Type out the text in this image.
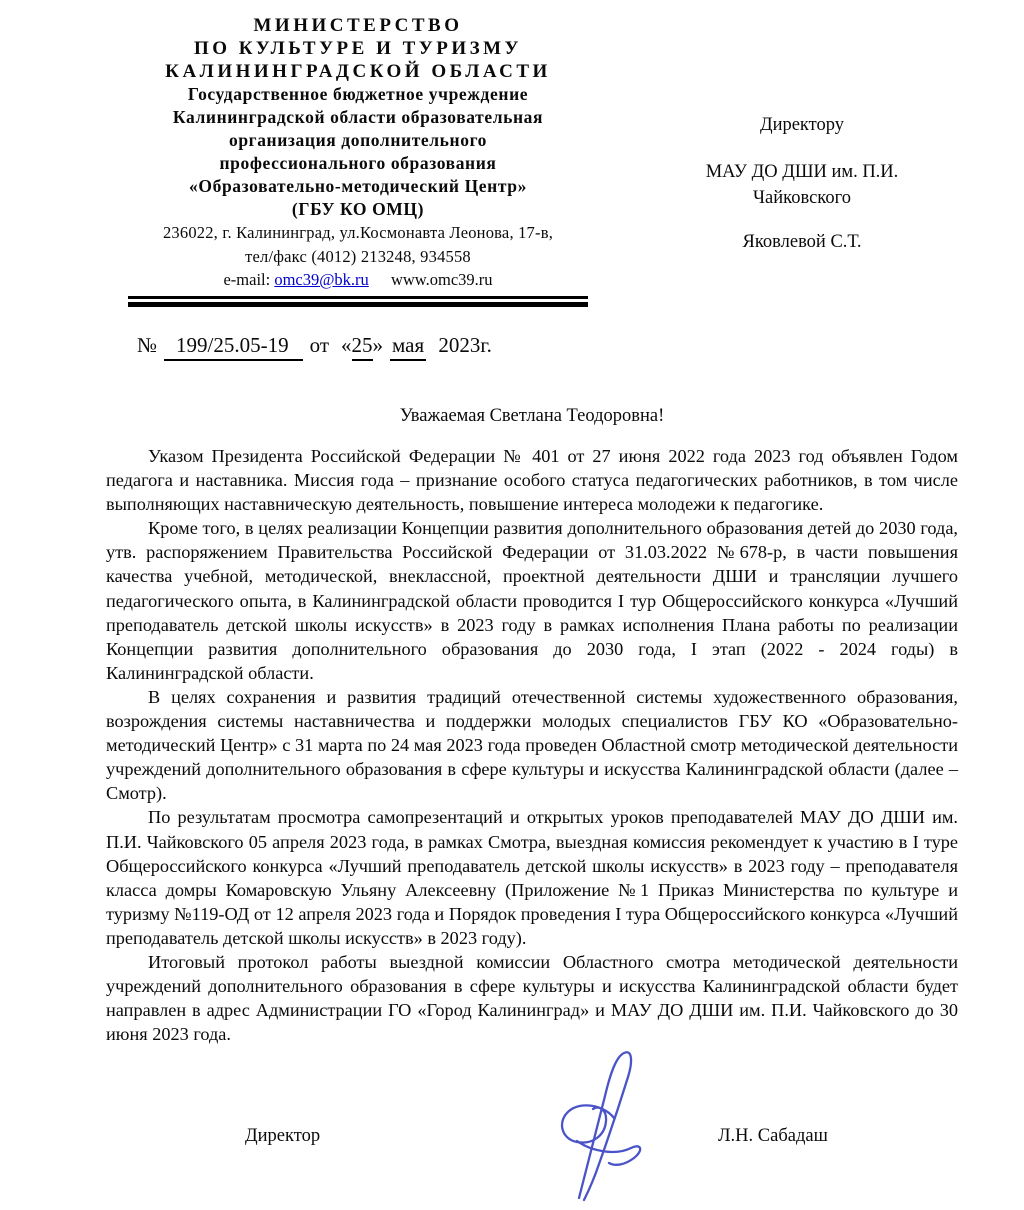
МИНИСТЕРСТВО
ПО КУЛЬТУРЕ И ТУРИЗМУ
КАЛИНИНГРАДСКОЙ ОБЛАСТИ
Государственное бюджетное учреждение
Калининградской области образовательная
организация дополнительного
профессионального образования
«Образовательно-методический Центр»
(ГБУ КО ОМЦ)
236022, г. Калининград, ул.Космонавта Леонова, 17-в,
тел/факс (4012) 213248, 934558
e-mail: omc39@bk.ru www.omc39.ru
Директору
МАУ ДО ДШИ им. П.И.
Чайковского
Яковлевой С.Т.
№ 199/25.05-19 от «25» мая 2023г.
Уважаемая Светлана Теодоровна!

Указом Президента Российской Федерации № 401 от 27 июня 2022 года 2023 год объявлен Годом педагога и наставника. Миссия года – признание особого статуса педагогических работников, в том числе выполняющих наставническую деятельность, повышение интереса молодежи к педагогике.

Кроме того, в целях реализации Концепции развития дополнительного образования детей до 2030 года, утв. распоряжением Правительства Российской Федерации от 31.03.2022 №678-р, в части повышения качества учебной, методической, внеклассной, проектной деятельности ДШИ и трансляции лучшего педагогического опыта, в Калининградской области проводится I тур Общероссийского конкурса «Лучший преподаватель детской школы искусств» в 2023 году в рамках исполнения Плана работы по реализации Концепции развития дополнительного образования до 2030 года, I этап (2022 - 2024 годы) в Калининградской области.

В целях сохранения и развития традиций отечественной системы художественного образования, возрождения системы наставничества и поддержки молодых специалистов ГБУ КО «Образовательно-методический Центр» с 31 марта по 24 мая 2023 года проведен Областной смотр методической деятельности учреждений дополнительного образования в сфере культуры и искусства Калининградской области (далее – Смотр).

По результатам просмотра самопрезентаций и открытых уроков преподавателей МАУ ДО ДШИ им. П.И. Чайковского 05 апреля 2023 года, в рамках Смотра, выездная комиссия рекомендует к участию в I туре Общероссийского конкурса «Лучший преподаватель детской школы искусств» в 2023 году – преподавателя класса домры Комаровскую Ульяну Алексеевну (Приложение №1 Приказ Министерства по культуре и туризму №119-ОД от 12 апреля 2023 года и Порядок проведения I тура Общероссийского конкурса «Лучший преподаватель детской школы искусств» в 2023 году).

Итоговый протокол работы выездной комиссии Областного смотра методической деятельности учреждений дополнительного образования в сфере культуры и искусства Калининградской области будет направлен в адрес Администрации ГО «Город Калининград» и МАУ ДО ДШИ им. П.И. Чайковского до 30 июня 2023 года.

Директор	Л.Н. Сабадаш
